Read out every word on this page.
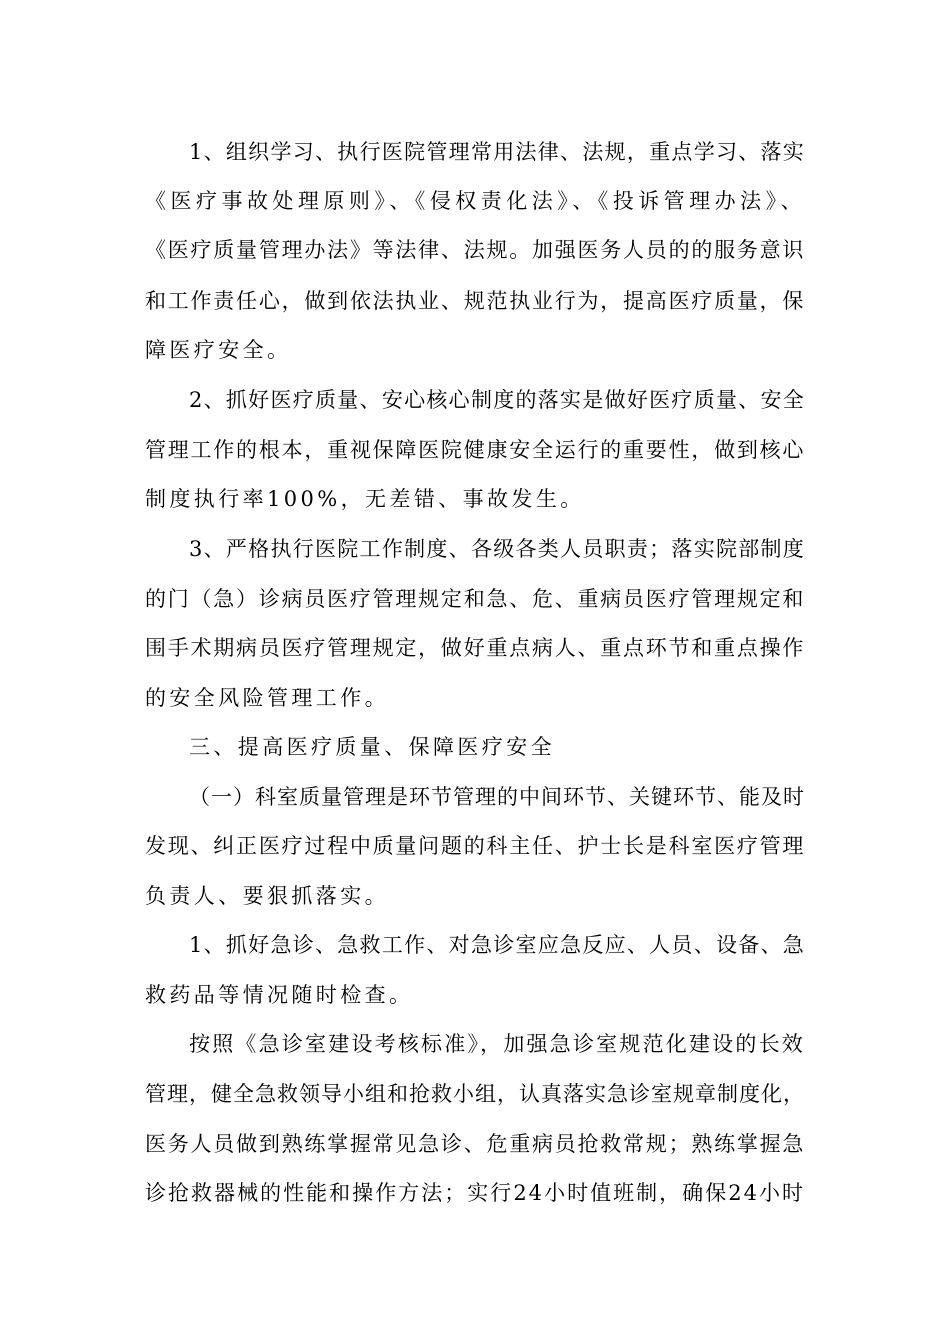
1、组织学习、执行医院管理常用法律、法规，重点学习、落实
《医疗事故处理原则》、《侵权责化法》、《投诉管理办法》、
《医疗质量管理办法》等法律、法规。加强医务人员的的服务意识
和工作责任心，做到依法执业、规范执业行为，提高医疗质量，保
障医疗安全。
2、抓好医疗质量、安心核心制度的落实是做好医疗质量、安全
管理工作的根本，重视保障医院健康安全运行的重要性，做到核心
制度执行率100%，无差错、事故发生。
3、严格执行医院工作制度、各级各类人员职责；落实院部制度
的门（急）诊病员医疗管理规定和急、危、重病员医疗管理规定和
围手术期病员医疗管理规定，做好重点病人、重点环节和重点操作
的安全风险管理工作。
三、提高医疗质量、保障医疗安全
（一）科室质量管理是环节管理的中间环节、关键环节、能及时
发现、纠正医疗过程中质量问题的科主任、护士长是科室医疗管理
负责人、要狠抓落实。
1、抓好急诊、急救工作、对急诊室应急反应、人员、设备、急
救药品等情况随时检查。
按照《急诊室建设考核标准》，加强急诊室规范化建设的长效
管理，健全急救领导小组和抢救小组，认真落实急诊室规章制度化，
医务人员做到熟练掌握常见急诊、危重病员抢救常规；熟练掌握急
诊抢救器械的性能和操作方法；实行24小时值班制，确保24小时
